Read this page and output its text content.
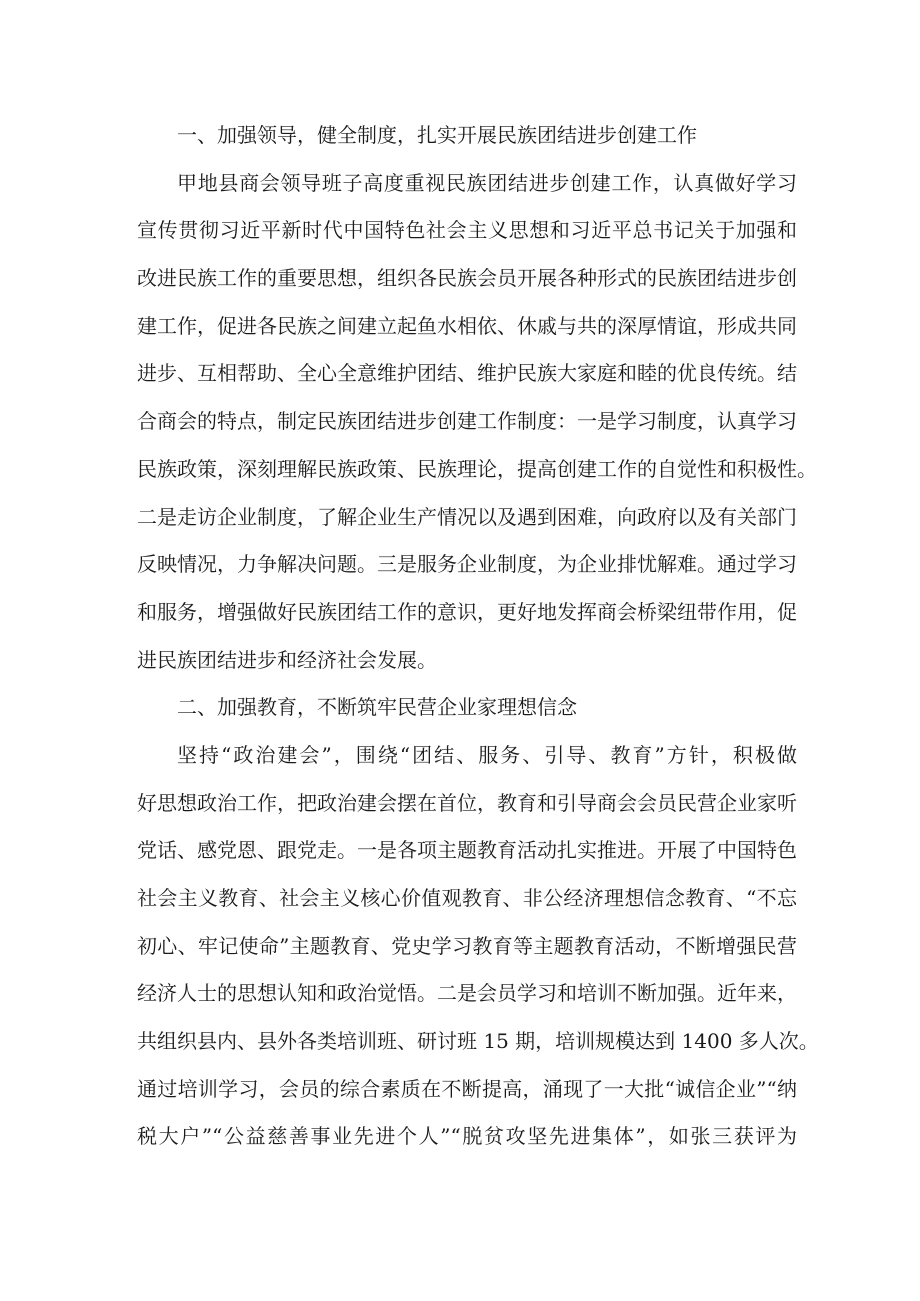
一、加强领导，健全制度，扎实开展民族团结进步创建工作
甲地县商会领导班子高度重视民族团结进步创建工作，认真做好学习
宣传贯彻习近平新时代中国特色社会主义思想和习近平总书记关于加强和
改进民族工作的重要思想，组织各民族会员开展各种形式的民族团结进步创
建工作，促进各民族之间建立起鱼水相依、休戚与共的深厚情谊，形成共同
进步、互相帮助、全心全意维护团结、维护民族大家庭和睦的优良传统。结
合商会的特点，制定民族团结进步创建工作制度：一是学习制度，认真学习
民族政策，深刻理解民族政策、民族理论，提高创建工作的自觉性和积极性。
二是走访企业制度，了解企业生产情况以及遇到困难，向政府以及有关部门
反映情况，力争解决问题。三是服务企业制度，为企业排忧解难。通过学习
和服务，增强做好民族团结工作的意识，更好地发挥商会桥梁纽带作用，促
进民族团结进步和经济社会发展。
二、加强教育，不断筑牢民营企业家理想信念
坚持“政治建会”，围绕“团结、服务、引导、教育”方针，积极做
好思想政治工作，把政治建会摆在首位，教育和引导商会会员民营企业家听
党话、感党恩、跟党走。一是各项主题教育活动扎实推进。开展了中国特色
社会主义教育、社会主义核心价值观教育、非公经济理想信念教育、“不忘
初心、牢记使命”主题教育、党史学习教育等主题教育活动，不断增强民营
经济人士的思想认知和政治觉悟。二是会员学习和培训不断加强。近年来，
共组织县内、县外各类培训班、研讨班 15 期，培训规模达到 1400 多人次。
通过培训学习，会员的综合素质在不断提高，涌现了一大批“诚信企业”“纳
税大户”“公益慈善事业先进个人”“脱贫攻坚先进集体”，如张三获评为
